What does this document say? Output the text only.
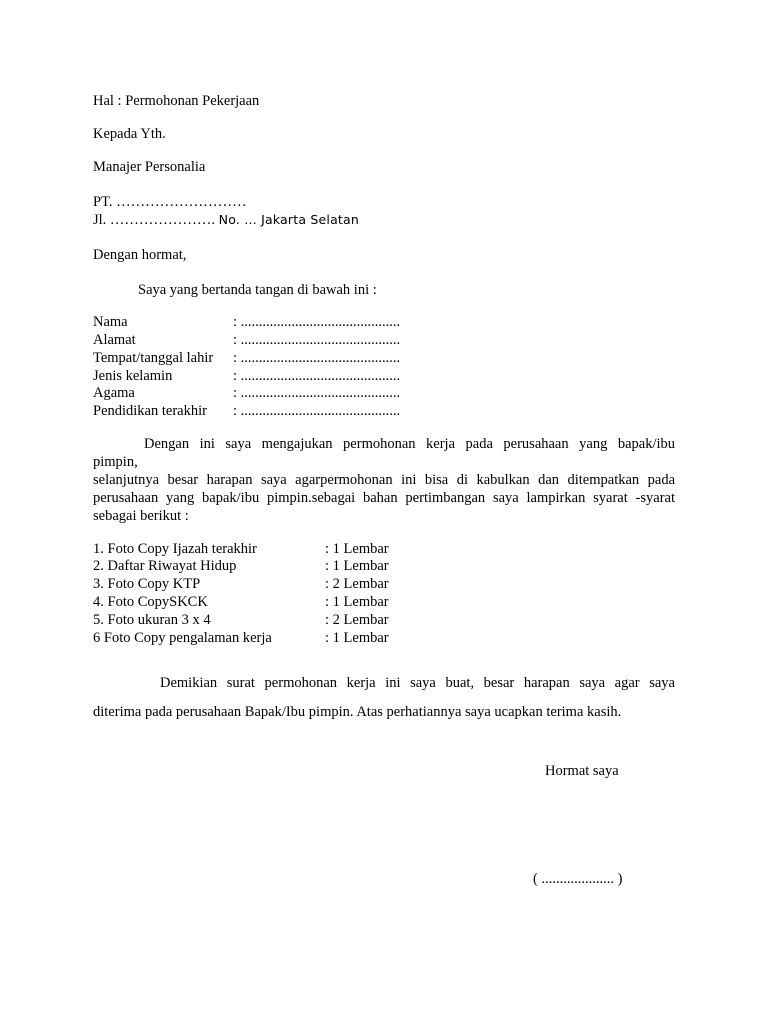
Hal : Permohonan Pekerjaan
Kepada Yth.
Manajer Personalia
PT. ………………………
Jl. …………………. No. … Jakarta Selatan
Dengan hormat,
Saya yang bertanda tangan di bawah ini :
Nama	: ............................................
Alamat	: ............................................
Tempat/tanggal lahir : ............................................
Jenis kelamin	: ............................................
Agama	: ............................................
Pendidikan terakhir : ............................................
Dengan ini saya mengajukan permohonan kerja pada perusahaan yang bapak/ibu
pimpin,
selanjutnya besar harapan saya agarpermohonan ini bisa di kabulkan dan ditempatkan pada
perusahaan yang bapak/ibu pimpin.sebagai bahan pertimbangan saya lampirkan syarat -syarat
sebagai berikut :
1. Foto Copy Ijazah terakhir	: 1 Lembar
2. Daftar Riwayat Hidup	: 1 Lembar
3. Foto Copy KTP	: 2 Lembar
4. Foto CopySKCK	: 1 Lembar
5. Foto ukuran 3 x 4	: 2 Lembar
6 Foto Copy pengalaman kerja	: 1 Lembar
Demikian surat permohonan kerja ini saya buat, besar harapan saya agar saya
diterima pada perusahaan Bapak/Ibu pimpin. Atas perhatiannya saya ucapkan terima kasih.
Hormat saya
( .................... )
